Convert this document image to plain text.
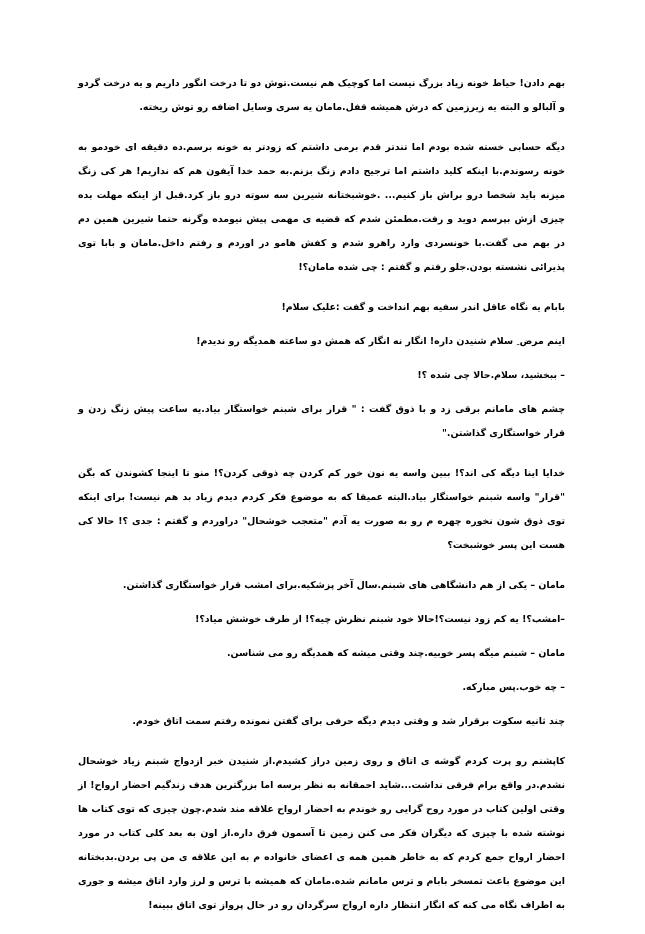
بهم دادن! حیاط خونه زیاد بزرگ نیست اما کوچیک هم نیست.توش دو تا درخت انگور داریم و یه درخت گردو و آلبالو و البته یه زیرزمین که درش همیشه قفل.مامان یه سری وسایل اضافه رو توش ریخته.

دیگه حسابی خسته شده بودم اما تندتر قدم برمی داشتم که زودتر به خونه برسم.ده دقیقه ای خودمو به خونه رسوندم.با اینکه کلید داشتم اما ترجیح دادم زنگ بزنم.به حمد خدا آیفون هم که نداریم! هر کی زنگ میزنه باید شخصا درو براش باز کنیم... .خوشبختانه شیرین سه سوته درو باز کرد.قبل از اینکه مهلت بده چیزی ازش بپرسم دوید و رفت.مطمئن شدم که قضیه ی مهمی پیش نیومده وگرنه حتما شیرین همین دم در بهم می گفت.با خونسردی وارد راهرو شدم و کفش هامو در اوردم و رفتم داخل.مامان و بابا توی پذیرائی نشسته بودن.جلو رفتم و گفتم : چی شده مامان؟!

بابام یه نگاه عاقل اندر سفیه بهم انداخت و گفت :علیک سلام!

اینم مرض ِ سلام شنیدن داره! انگار نه انگار که همش دو ساعته همدیگه رو ندیدم!

– ببخشید، سلام.حالا چی شده ؟!

چشم های مامانم برقی زد و با ذوق گفت : " قرار برای شبنم خواستگار بیاد.یه ساعت پیش زنگ زدن و قرار خواستگاری گذاشتن."

خدایا اینا دیگه کی اند؟! ببین واسه یه نون خور کم کردن چه ذوقی کردن؟! منو تا اینجا کشوندن که بگن "قرار" واسه شبنم خواستگار بیاد.البته عمیقا که به موضوع فکر کردم دیدم زیاد بد هم نیست! برای اینکه توی ذوق شون نخوره چهره م رو به صورت یه آدم "متعجب خوشحال" دراوردم و گفتم : جدی ؟! حالا کی هست این پسر خوشبخت؟

مامان – یکی از هم دانشگاهی های شبنم.سال آخر پزشکیه.برای امشب قرار خواستگاری گذاشتن.

–امشب؟! یه کم زود نیست؟!حالا خود شبنم نظرش چیه؟! از طرف خوشش میاد؟!

مامان – شبنم میگه پسر خوبیه.چند وقتی میشه که همدیگه رو می شناسن.

– چه خوب.پس مبارکه.

چند ثانیه سکوت برقرار شد و وقتی دیدم دیگه حرفی برای گفتن نمونده رفتم سمت اتاق خودم.

کاپشنم رو پرت کردم گوشه ی اتاق و روی زمین دراز کشیدم.از شنیدن خبر ازدواج شبنم زیاد خوشحال نشدم.در واقع برام فرقی نداشت...شاید احمقانه به نظر برسه اما بزرگترین هدف زندگیم احضار ارواح! از وقتی اولین کتاب در مورد روح گرایی رو خوندم به احضار ارواح علاقه مند شدم.چون چیزی که توی کتاب ها نوشته شده با چیزی که دیگران فکر می کنن زمین تا آسمون فرق داره.از اون به بعد کلی کتاب در مورد احضار ارواح جمع کردم که به خاطر همین همه ی اعضای خانواده م به این علاقه ی من پی بردن.بدبختانه این موضوع باعث تمسخر بابام و ترس مامانم شده.مامان که همیشه با ترس و لرز وارد اتاق میشه و جوری به اطراف نگاه می کنه که انگار انتظار داره ارواح سرگردان رو در حال پرواز توی اتاق ببینه!
